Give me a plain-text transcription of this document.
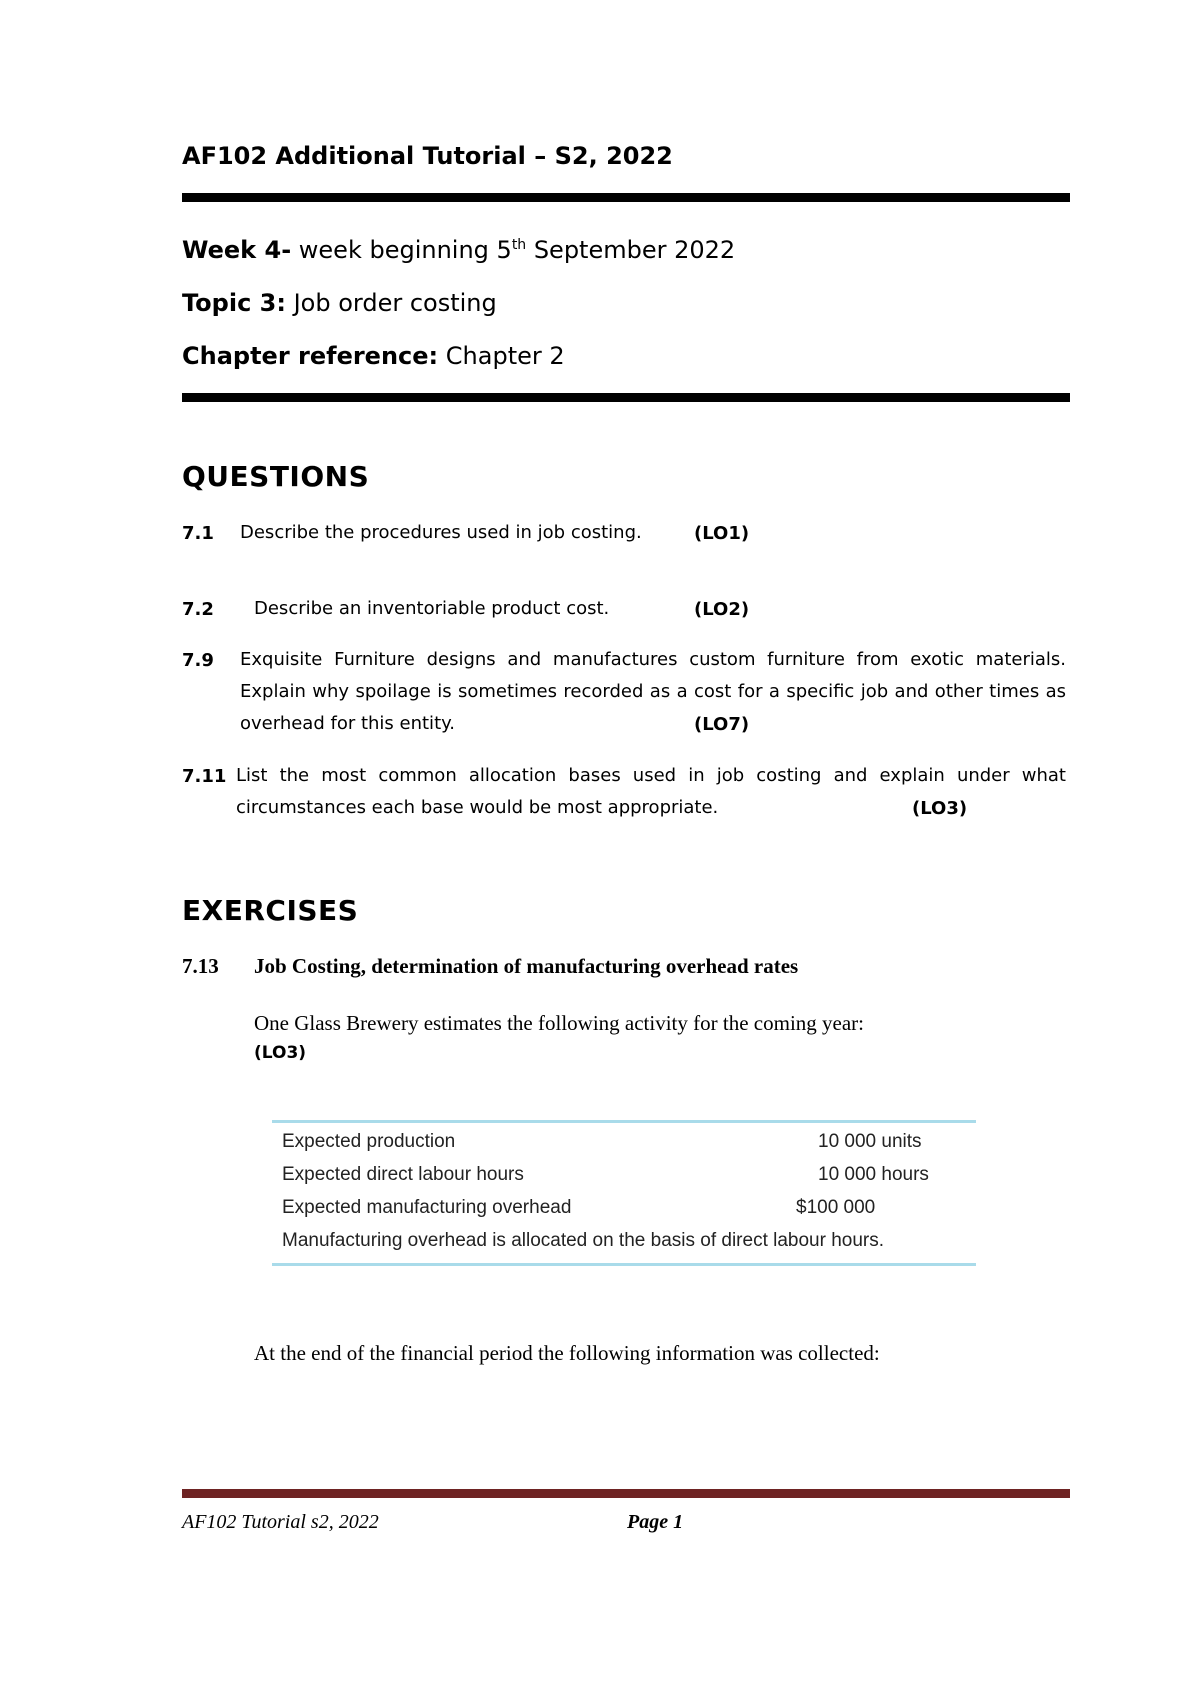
AF102 Additional Tutorial – S2, 2022
Week 4- week beginning 5th September 2022
Topic 3: Job order costing
Chapter reference: Chapter 2
QUESTIONS
7.1 Describe the procedures used in job costing.	(LO1)
7.2 Describe an inventoriable product cost.	(LO2)
7.9 Exquisite Furniture designs and manufactures custom furniture from exotic materials. Explain why spoilage is sometimes recorded as a cost for a specific job and other times as overhead for this entity.	(LO7)
7.11 List the most common allocation bases used in job costing and explain under what circumstances each base would be most appropriate.	(LO3)
EXERCISES
7.13 Job Costing, determination of manufacturing overhead rates
One Glass Brewery estimates the following activity for the coming year:
(LO3)
Expected production	10 000 units
Expected direct labour hours	10 000 hours
Expected manufacturing overhead	$100 000
Manufacturing overhead is allocated on the basis of direct labour hours.
At the end of the financial period the following information was collected:
AF102 Tutorial s2, 2022	Page 1
